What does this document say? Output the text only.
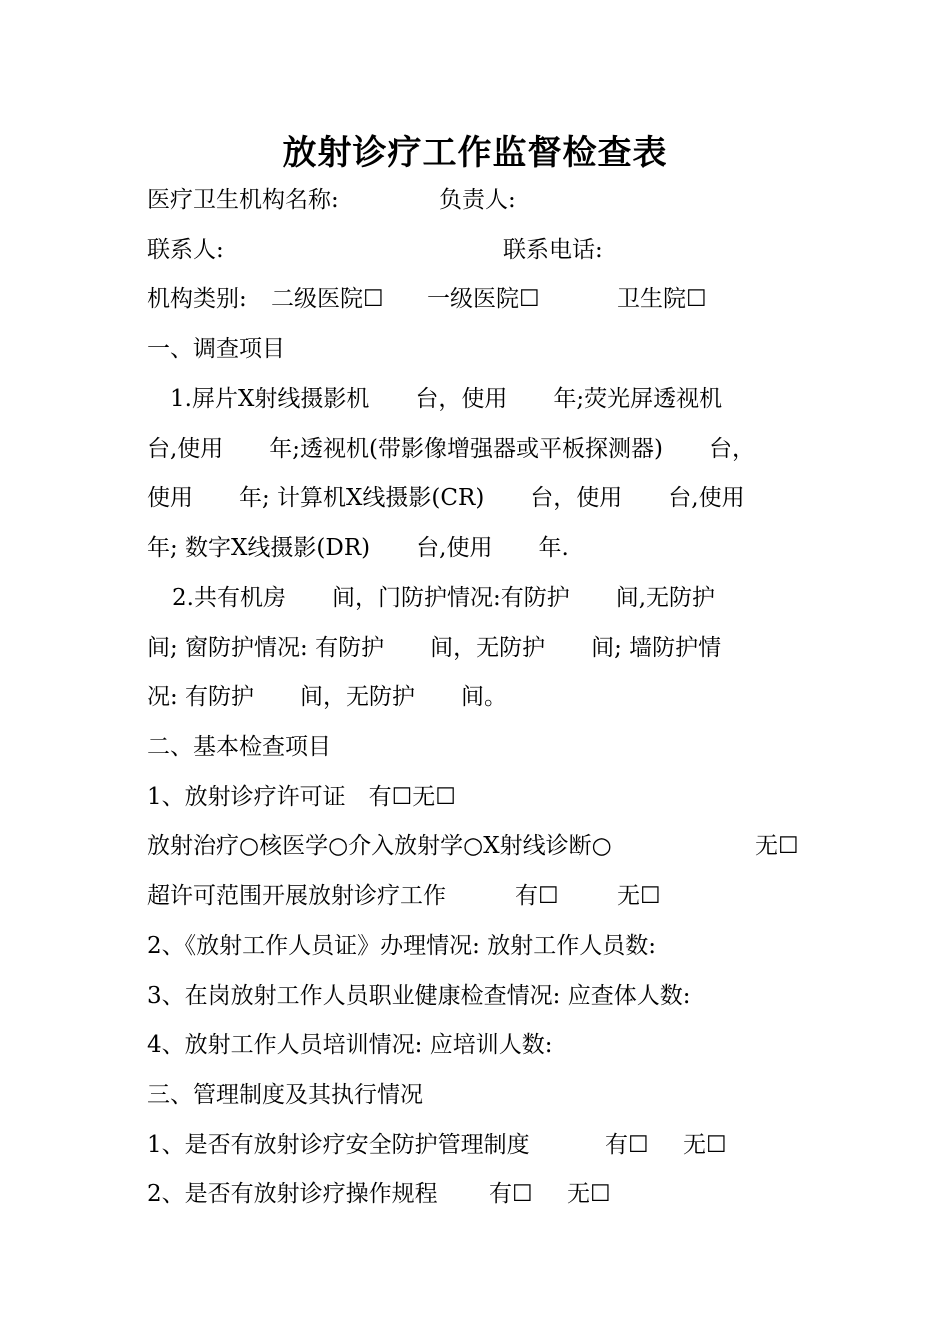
放射诊疗工作监督检查表
医疗卫生机构名称:	负责人:
联系人:	联系电话:
机构类别: 二级医院☐ 一级医院☐	卫生院☐
一、调查项目
1.屏片X射线摄影机　　台，使用　　年;荧光屏透视机
台,使用　　年;透视机(带影像增强器或平板探测器)　　台，
使用　　年; 计算机X线摄影(CR)　　台，使用　　台,使用
年; 数字X线摄影(DR)　　台,使用　　年.
2.共有机房　　间，门防护情况:有防护　　间,无防护
间; 窗防护情况: 有防护　　间，无防护　　间; 墙防护情
况: 有防护　　间，无防护　　间。
二、基本检查项目
1、放射诊疗许可证　有☐无☐
放射治疗○核医学○介入放射学○X射线诊断○	无☐
超许可范围开展放射诊疗工作	有☐	无☐
2、《放射工作人员证》办理情况: 放射工作人员数:
3、在岗放射工作人员职业健康检查情况: 应查体人数:
4、放射工作人员培训情况: 应培训人数:
三、管理制度及其执行情况
1、是否有放射诊疗安全防护管理制度	有☐ 无☐
2、是否有放射诊疗操作规程 有☐ 无☐
